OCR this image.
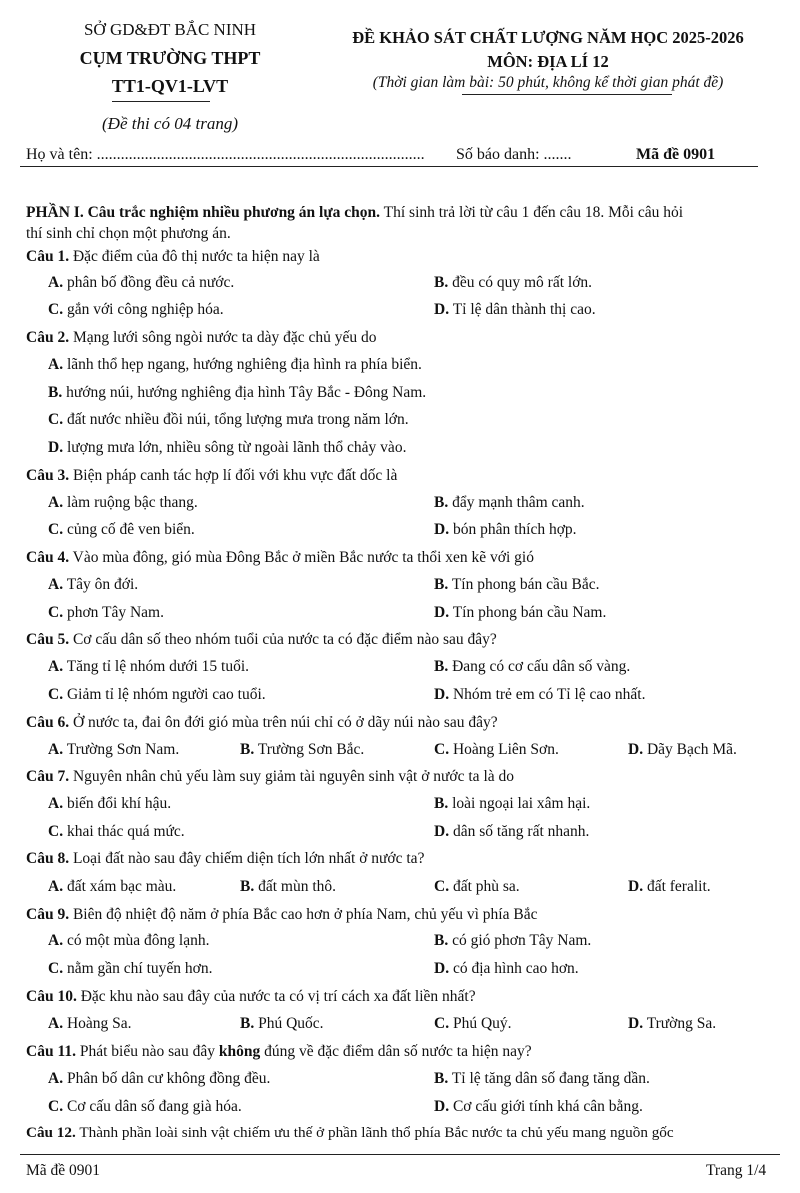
SỞ GD&ĐT BẮC NINH
CỤM TRƯỜNG THPT
TT1-QV1-LVT
(Đề thi có 04 trang)
ĐỀ KHẢO SÁT CHẤT LƯỢNG NĂM HỌC 2025-2026
MÔN: ĐỊA LÍ 12
(Thời gian làm bài: 50 phút, không kể thời gian phát đề)
Họ và tên: .................................................................................. Số báo danh: .......	Mã đề 0901
PHẦN I. Câu trắc nghiệm nhiều phương án lựa chọn. Thí sinh trả lời từ câu 1 đến câu 18. Mỗi câu hỏi
thí sinh chỉ chọn một phương án.
Câu 1. Đặc điểm của đô thị nước ta hiện nay là
A. phân bố đồng đều cả nước.	B. đều có quy mô rất lớn.
C. gắn với công nghiệp hóa.	D. Tỉ lệ dân thành thị cao.
Câu 2. Mạng lưới sông ngòi nước ta dày đặc chủ yếu do
A. lãnh thổ hẹp ngang, hướng nghiêng địa hình ra phía biển.
B. hướng núi, hướng nghiêng địa hình Tây Bắc - Đông Nam.
C. đất nước nhiều đồi núi, tổng lượng mưa trong năm lớn.
D. lượng mưa lớn, nhiều sông từ ngoài lãnh thổ chảy vào.
Câu 3. Biện pháp canh tác hợp lí đối với khu vực đất dốc là
A. làm ruộng bậc thang.	B. đẩy mạnh thâm canh.
C. củng cố đê ven biển.	D. bón phân thích hợp.
Câu 4. Vào mùa đông, gió mùa Đông Bắc ở miền Bắc nước ta thổi xen kẽ với gió
A. Tây ôn đới.	B. Tín phong bán cầu Bắc.
C. phơn Tây Nam.	D. Tín phong bán cầu Nam.
Câu 5. Cơ cấu dân số theo nhóm tuổi của nước ta có đặc điểm nào sau đây?
A. Tăng tỉ lệ nhóm dưới 15 tuổi.	B. Đang có cơ cấu dân số vàng.
C. Giảm tỉ lệ nhóm người cao tuổi.	D. Nhóm trẻ em có Tỉ lệ cao nhất.
Câu 6. Ở nước ta, đai ôn đới gió mùa trên núi chỉ có ở dãy núi nào sau đây?
A. Trường Sơn Nam.	B. Trường Sơn Bắc.	C. Hoàng Liên Sơn.	D. Dãy Bạch Mã.
Câu 7. Nguyên nhân chủ yếu làm suy giảm tài nguyên sinh vật ở nước ta là do
A. biến đổi khí hậu.	B. loài ngoại lai xâm hại.
C. khai thác quá mức.	D. dân số tăng rất nhanh.
Câu 8. Loại đất nào sau đây chiếm diện tích lớn nhất ở nước ta?
A. đất xám bạc màu.	B. đất mùn thô.	C. đất phù sa.	D. đất feralit.
Câu 9. Biên độ nhiệt độ năm ở phía Bắc cao hơn ở phía Nam, chủ yếu vì phía Bắc
A. có một mùa đông lạnh.	B. có gió phơn Tây Nam.
C. nằm gần chí tuyến hơn.	D. có địa hình cao hơn.
Câu 10. Đặc khu nào sau đây của nước ta có vị trí cách xa đất liền nhất?
A. Hoàng Sa.	B. Phú Quốc.	C. Phú Quý.	D. Trường Sa.
Câu 11. Phát biểu nào sau đây không đúng về đặc điểm dân số nước ta hiện nay?
A. Phân bố dân cư không đồng đều.	B. Tỉ lệ tăng dân số đang tăng dần.
C. Cơ cấu dân số đang già hóa.	D. Cơ cấu giới tính khá cân bằng.
Câu 12. Thành phần loài sinh vật chiếm ưu thế ở phần lãnh thổ phía Bắc nước ta chủ yếu mang nguồn gốc
Mã đề 0901	Trang 1/4
